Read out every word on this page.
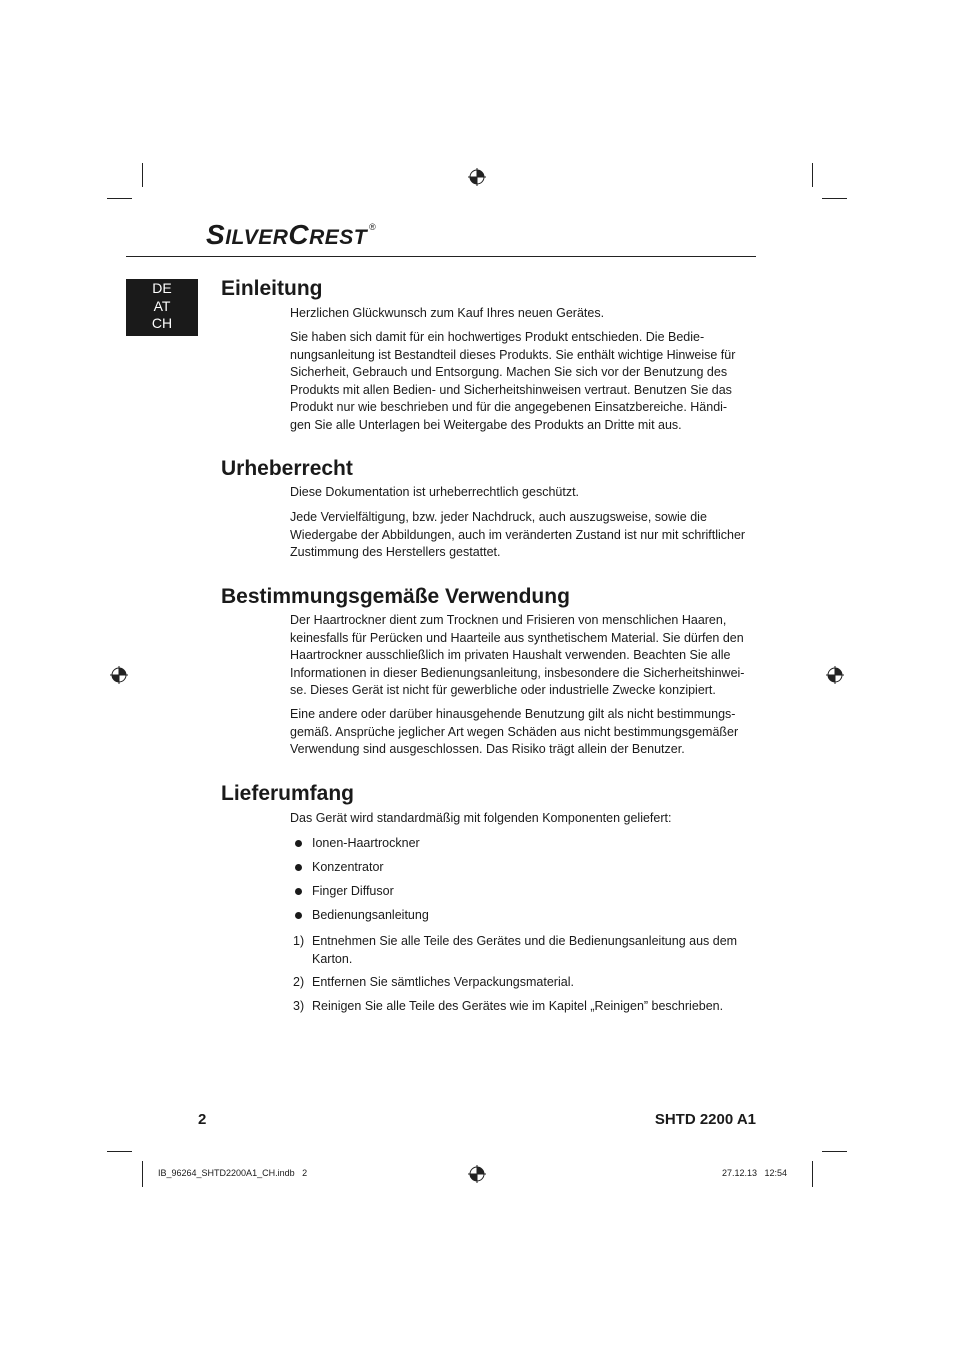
SILVERCREST ®
DE
AT
CH
Einleitung

Herzlichen Glückwunsch zum Kauf Ihres neuen Gerätes.

Sie haben sich damit für ein hochwertiges Produkt entschieden. Die Bedie-
nungsanleitung ist Bestandteil dieses Produkts. Sie enthält wichtige Hinweise für
Sicherheit, Gebrauch und Entsorgung. Machen Sie sich vor der Benutzung des
Produkts mit allen Bedien- und Sicherheitshinweisen vertraut. Benutzen Sie das
Produkt nur wie beschrieben und für die angegebenen Einsatzbereiche. Händi-
gen Sie alle Unterlagen bei Weitergabe des Produkts an Dritte mit aus.

Urheberrecht

Diese Dokumentation ist urheberrechtlich geschützt.

Jede Vervielfältigung, bzw. jeder Nachdruck, auch auszugsweise, sowie die
Wiedergabe der Abbildungen, auch im veränderten Zustand ist nur mit schriftlicher
Zustimmung des Herstellers gestattet.

Bestimmungsgemäße Verwendung

Der Haartrockner dient zum Trocknen und Frisieren von menschlichen Haaren,
keinesfalls für Perücken und Haarteile aus synthetischem Material. Sie dürfen den
Haartrockner ausschließlich im privaten Haushalt verwenden. Beachten Sie alle
Informationen in dieser Bedienungsanleitung, insbesondere die Sicherheitshinwei-
se. Dieses Gerät ist nicht für gewerbliche oder industrielle Zwecke konzipiert.

Eine andere oder darüber hinausgehende Benutzung gilt als nicht bestimmungs-
gemäß. Ansprüche jeglicher Art wegen Schäden aus nicht bestimmungsgemäßer
Verwendung sind ausgeschlossen. Das Risiko trägt allein der Benutzer.

Lieferumfang

Das Gerät wird standardmäßig mit folgenden Komponenten geliefert:

Ionen-Haartrockner
Konzentrator
Finger Diffusor
Bedienungsanleitung
1) Entnehmen Sie alle Teile des Gerätes und die Bedienungsanleitung aus dem
Karton.
2) Entfernen Sie sämtliches Verpackungsmaterial.
3) Reinigen Sie alle Teile des Gerätes wie im Kapitel „Reinigen” beschrieben.
2	SHTD 2200 A1
IB_96264_SHTD2200A1_CH.indb   2	27.12.13   12:54
